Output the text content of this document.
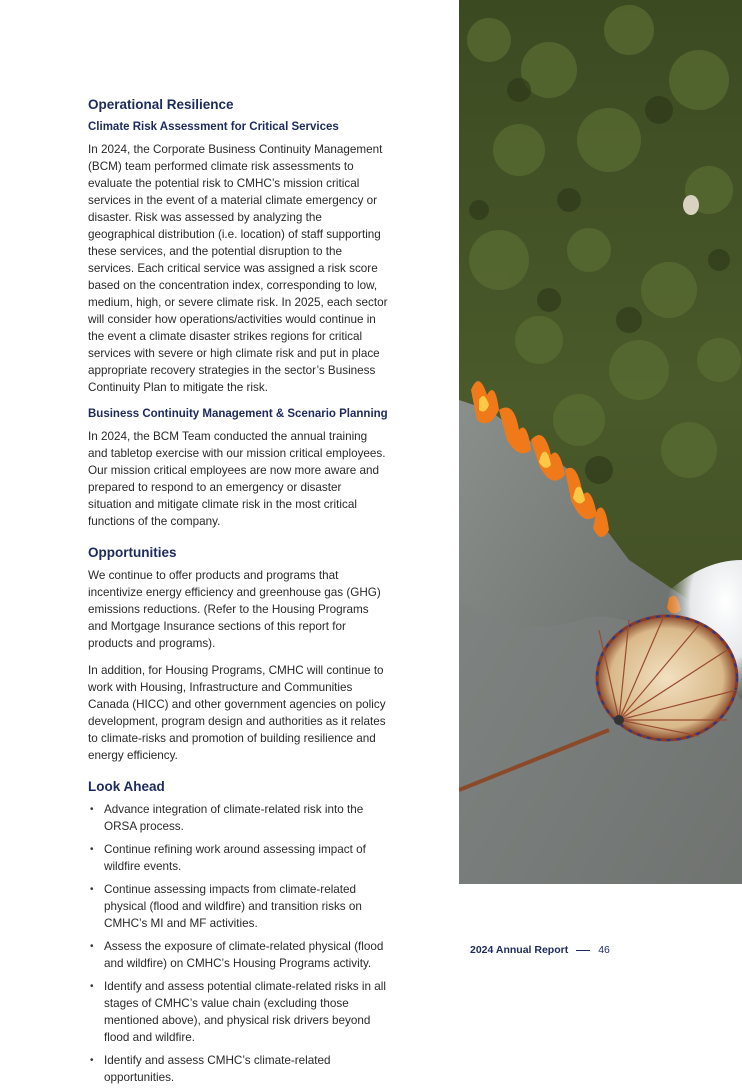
Operational Resilience
Climate Risk Assessment for Critical Services

In 2024, the Corporate Business Continuity Management (BCM) team performed climate risk assessments to evaluate the potential risk to CMHC’s mission critical services in the event of a material climate emergency or disaster. Risk was assessed by analyzing the geographical distribution (i.e. location) of staff supporting these services, and the potential disruption to the services. Each critical service was assigned a risk score based on the concentration index, corresponding to low, medium, high, or severe climate risk. In 2025, each sector will consider how operations/activities would continue in the event a climate disaster strikes regions for critical services with severe or high climate risk and put in place appropriate recovery strategies in the sector’s Business Continuity Plan to mitigate the risk.

Business Continuity Management & Scenario Planning

In 2024, the BCM Team conducted the annual training and tabletop exercise with our mission critical employees. Our mission critical employees are now more aware and prepared to respond to an emergency or disaster situation and mitigate climate risk in the most critical functions of the company.

Opportunities

We continue to offer products and programs that incentivize energy efficiency and greenhouse gas (GHG) emissions reductions. (Refer to the Housing Programs and Mortgage Insurance sections of this report for products and programs).

In addition, for Housing Programs, CMHC will continue to work with Housing, Infrastructure and Communities Canada (HICC) and other government agencies on policy development, program design and authorities as it relates to climate-risks and promotion of building resilience and energy efficiency.

Look Ahead
• Advance integration of climate-related risk into the ORSA process.
• Continue refining work around assessing impact of wildfire events.
• Continue assessing impacts from climate-related physical (flood and wildfire) and transition risks on CMHC’s MI and MF activities.
• Assess the exposure of climate-related physical (flood and wildfire) on CMHC’s Housing Programs activity.
• Identify and assess potential climate-related risks in all stages of CMHC’s value chain (excluding those mentioned above), and physical risk drivers beyond flood and wildfire.
• Identify and assess CMHC’s climate-related opportunities.
2024 Annual Report	46
